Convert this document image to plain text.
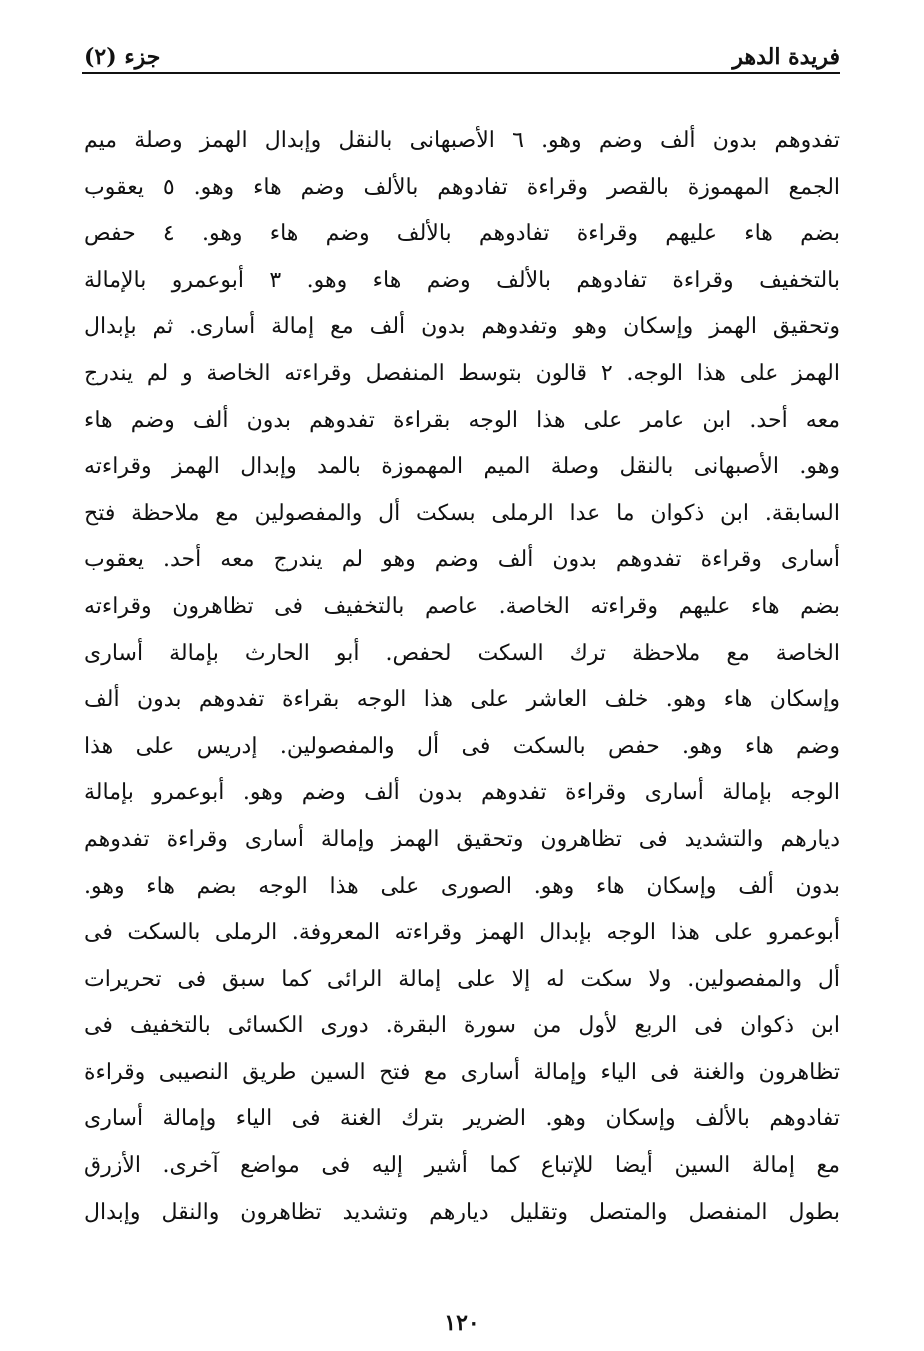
فريدة الدهر
جزء (٢)
تفدوهم بدون ألف وضم وهو. ٦ الأصبهانى بالنقل وإبدال الهمز وصلة ميم
الجمع المهموزة بالقصر وقراءة تفادوهم بالألف وضم هاء وهو. ٥ يعقوب
بضم هاء عليهم وقراءة تفادوهم بالألف وضم هاء وهو. ٤ حفص
بالتخفيف وقراءة تفادوهم بالألف وضم هاء وهو. ٣ أبوعمرو بالإمالة
وتحقيق الهمز وإسكان وهو وتفدوهم بدون ألف مع إمالة أسارى. ثم بإبدال
الهمز على هذا الوجه. ٢ قالون بتوسط المنفصل وقراءته الخاصة و لم يندرج
معه أحد. ابن عامر على هذا الوجه بقراءة تفدوهم بدون ألف وضم هاء
وهو. الأصبهانى بالنقل وصلة الميم المهموزة بالمد وإبدال الهمز وقراءته
السابقة. ابن ذكوان ما عدا الرملى بسكت أل والمفصولين مع ملاحظة فتح
أسارى وقراءة تفدوهم بدون ألف وضم وهو لم يندرج معه أحد. يعقوب
بضم هاء عليهم وقراءته الخاصة. عاصم بالتخفيف فى تظاهرون وقراءته
الخاصة مع ملاحظة ترك السكت لحفص. أبو الحارث بإمالة أسارى
وإسكان هاء وهو. خلف العاشر على هذا الوجه بقراءة تفدوهم بدون ألف
وضم هاء وهو. حفص بالسكت فى أل والمفصولين. إدريس على هذا
الوجه بإمالة أسارى وقراءة تفدوهم بدون ألف وضم وهو. أبوعمرو بإمالة
ديارهم والتشديد فى تظاهرون وتحقيق الهمز وإمالة أسارى وقراءة تفدوهم
بدون ألف وإسكان هاء وهو. الصورى على هذا الوجه بضم هاء وهو.
أبوعمرو على هذا الوجه بإبدال الهمز وقراءته المعروفة. الرملى بالسكت فى
أل والمفصولين. ولا سكت له إلا على إمالة الرائى كما سبق فى تحريرات
ابن ذكوان فى الربع لأول من سورة البقرة. دورى الكسائى بالتخفيف فى
تظاهرون والغنة فى الياء وإمالة أسارى مع فتح السين طريق النصيبى وقراءة
تفادوهم بالألف وإسكان وهو. الضرير بترك الغنة فى الياء وإمالة أسارى
مع إمالة السين أيضا للإتباع كما أشير إليه فى مواضع آخرى. الأزرق
بطول المنفصل والمتصل وتقليل ديارهم وتشديد تظاهرون والنقل وإبدال
١٢٠
